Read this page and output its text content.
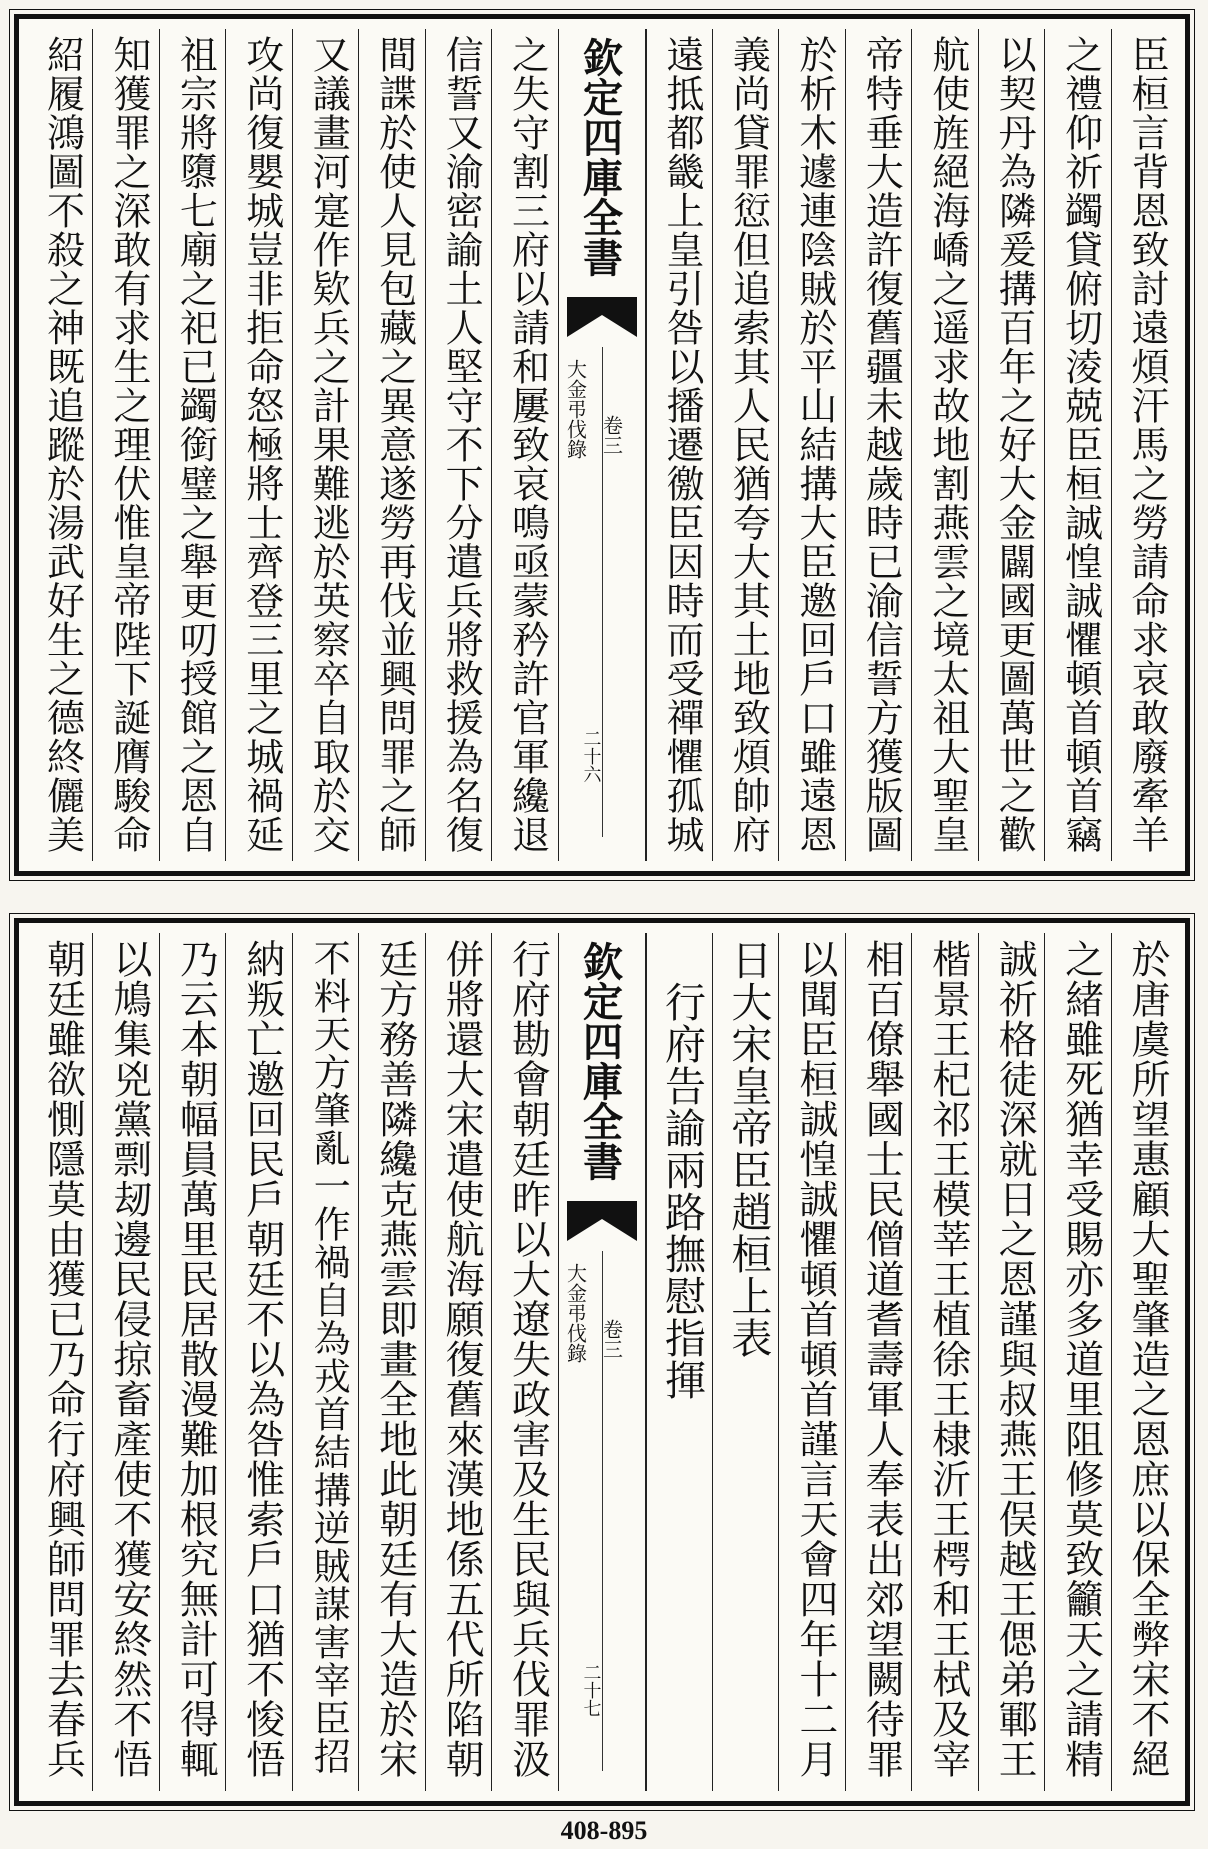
臣桓言背恩致討遠煩汗馬之勞請命求哀敢廢牽羊
之禮仰祈蠲貸俯切淩兢臣桓誠惶誠懼頓首頓首竊
以契丹為隣爰搆百年之好大金闢國更圖萬世之歡
航使旌絕海嶠之遥求故地割燕雲之境太祖大聖皇
帝特垂大造許復舊疆未越歲時已渝信誓方獲版圖
於析木遽連陰賊於平山結搆大臣邀回戶口雖遠恩
義尚貸罪愆但追索其人民猶夸大其土地致煩帥府
遠抵都畿上皇引咎以播遷徼臣因時而受禪懼孤城
欽定四庫全書
大金弔伐錄 卷三
二十六
之失守割三府以請和屢致哀鳴亟蒙矜許官軍纔退
信誓又渝密諭土人堅守不下分遣兵將救援為名復
間諜於使人見包藏之異意遂勞再伐並興問罪之師
又議畫河寔作欵兵之計果難逃於英察卒自取於交
攻尚復嬰城豈非拒命怒極將士齊登三里之城禍延
祖宗將隳七廟之祀已蠲銜璧之舉更叨授館之恩自
知獲罪之深敢有求生之理伏惟皇帝陛下誕膺駿命
紹履鴻圖不殺之神既追蹤於湯武好生之德終儷美
於唐虞所望惠顧大聖肇造之恩庶以保全弊宋不絕
之緒雖死猶幸受賜亦多道里阻修莫致籲天之請精
誠祈格徒深就日之恩謹與叔燕王俣越王偲弟鄆王
楷景王杞祁王模莘王植徐王棣沂王㮙和王栻及宰
相百僚舉國士民僧道耆壽軍人奉表出郊望闕待罪
以聞臣桓誠惶誠懼頓首頓首謹言天會四年十二月
日大宋皇帝臣趙桓上表
　行府告諭兩路撫慰指揮
欽定四庫全書
大金弔伐錄 卷三
二十七
行府勘會朝廷昨以大遼失政害及生民與兵伐罪汲
併將還大宋遣使航海願復舊來漢地係五代所陷朝
廷方務善隣纔克燕雲即畫全地此朝廷有大造於宋
不料天方肇亂一作禍自為戎首結搆逆賊謀害宰臣招
納叛亡邀回民戶朝廷不以為咎惟索戶口猶不悛悟
乃云本朝幅員萬里民居散漫難加根究無計可得輒
以鳩集兇黨剽刼邊民侵掠畜產使不獲安終然不悟
朝廷雖欲惻隱莫由獲已乃命行府興師問罪去春兵
408-895
